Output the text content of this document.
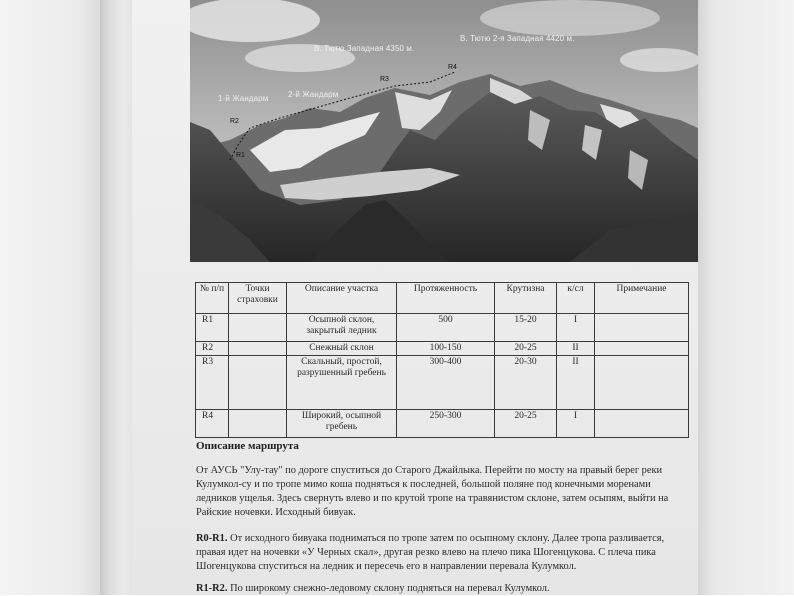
В. Тютю Западная 4350 м.
В. Тютю 2-я Западная 4420 м.
1-й Жандарм 2-й Жандарм
R1
R2
R3
R4
№ п/п	Точки страховки	Описание участка	Протяженность	Крутизна	к/сл	Примечание
R1		Осыпной склон, закрытый ледник	500	15-20	I	
R2		Снежный склон	100-150	20-25	II	
R3		Скальный, простой, разрушенный гребень	300-400	20-30	II	
R4		Широкий, осыпной гребень	250-300	20-25	I	
Описание маршрута

От АУСЬ "Улу-тау" по дороге спуститься до Старого Джайлыка. Перейти по мосту на правый берег реки Кулумкол-су и по тропе мимо коша подняться к последней, большой поляне под конечными моренами ледников ущелья. Здесь свернуть влево и по крутой тропе на травянистом склоне, затем осыпям, выйти на Райские ночевки. Исходный бивуак.

R0-R1. От исходного бивуака подниматься по тропе затем по осыпному склону. Далее тропа разливается, правая идет на ночевки «У Черных скал», другая резко влево на плечо пика Шогенцукова. С плеча пика Шогенцукова спуститься на ледник и пересечь его в направлении перевала Кулумкол.

R1-R2. По широкому снежно-ледовому склону подняться на перевал Кулумкол.
